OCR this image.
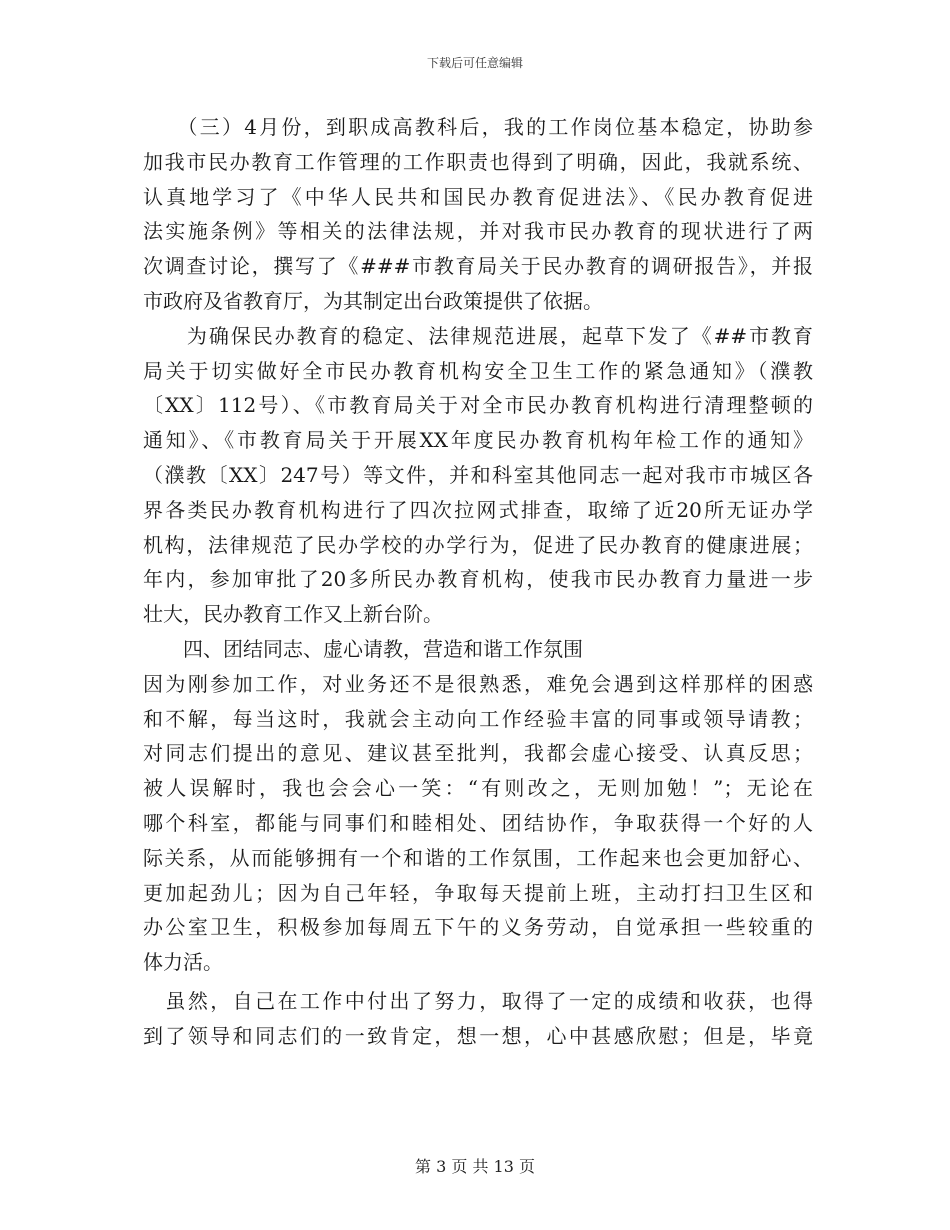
下载后可任意编辑
　　（三）4月份，到职成高教科后，我的工作岗位基本稳定，协助参
加我市民办教育工作管理的工作职责也得到了明确，因此，我就系统、
认真地学习了《中华人民共和国民办教育促进法》、《民办教育促进
法实施条例》等相关的法律法规，并对我市民办教育的现状进行了两
次调查讨论，撰写了《###市教育局关于民办教育的调研报告》，并报
市政府及省教育厅，为其制定出台政策提供了依据。
　　为确保民办教育的稳定、法律规范进展，起草下发了《##市教育
局关于切实做好全市民办教育机构安全卫生工作的紧急通知》（濮教
〔XX〕112号）、《市教育局关于对全市民办教育机构进行清理整顿的
通知》、《市教育局关于开展XX年度民办教育机构年检工作的通知》
（濮教〔XX〕247号）等文件，并和科室其他同志一起对我市市城区各
界各类民办教育机构进行了四次拉网式排查，取缔了近20所无证办学
机构，法律规范了民办学校的办学行为，促进了民办教育的健康进展；
年内，参加审批了20多所民办教育机构，使我市民办教育力量进一步
壮大，民办教育工作又上新台阶。
　　四、团结同志、虚心请教，营造和谐工作氛围
因为刚参加工作，对业务还不是很熟悉，难免会遇到这样那样的困惑
和不解，每当这时，我就会主动向工作经验丰富的同事或领导请教；
对同志们提出的意见、建议甚至批判，我都会虚心接受、认真反思；
被人误解时，我也会会心一笑：“有则改之，无则加勉！”；无论在
哪个科室，都能与同事们和睦相处、团结协作，争取获得一个好的人
际关系，从而能够拥有一个和谐的工作氛围，工作起来也会更加舒心、
更加起劲儿；因为自己年轻，争取每天提前上班，主动打扫卫生区和
办公室卫生，积极参加每周五下午的义务劳动，自觉承担一些较重的
体力活。
　虽然，自己在工作中付出了努力，取得了一定的成绩和收获，也得
到了领导和同志们的一致肯定，想一想，心中甚感欣慰；但是，毕竟
第 3 页 共 13 页
